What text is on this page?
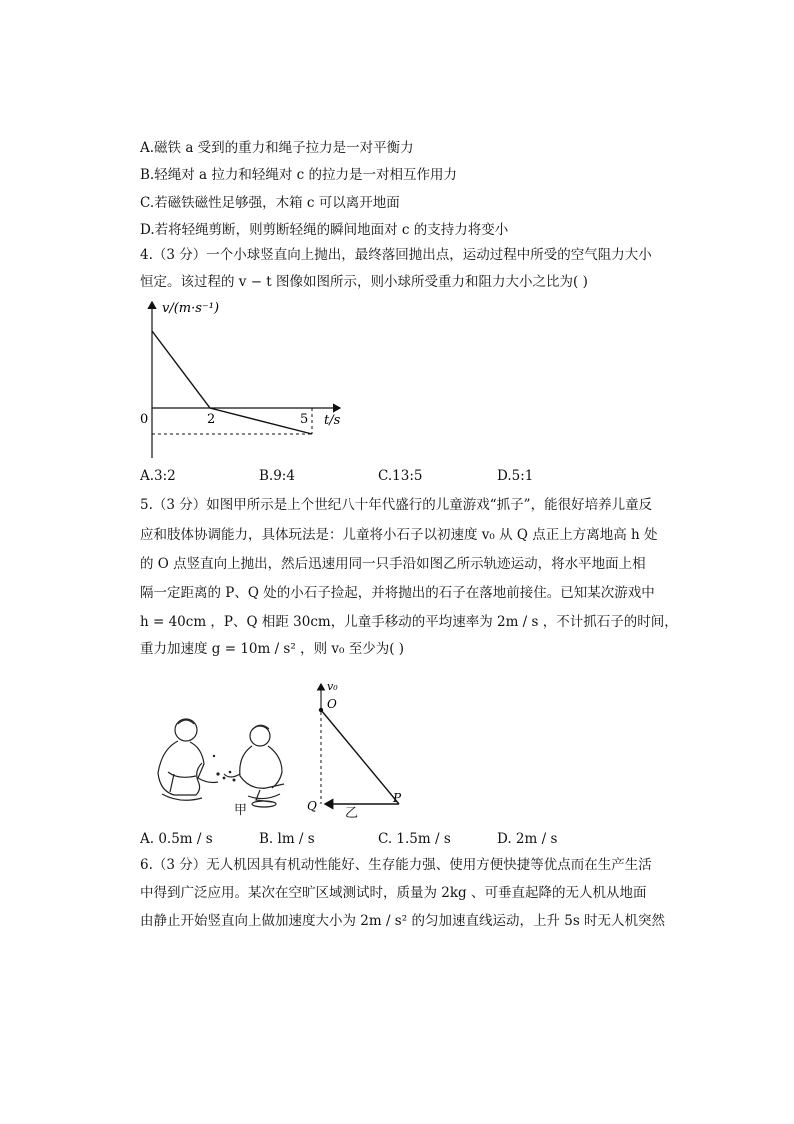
A.磁铁 a 受到的重力和绳子拉力是一对平衡力
B.轻绳对 a 拉力和轻绳对 c 的拉力是一对相互作用力
C.若磁铁磁性足够强，木箱 c 可以离开地面
D.若将轻绳剪断，则剪断轻绳的瞬间地面对 c 的支持力将变小
4.（3 分）一个小球竖直向上抛出，最终落回抛出点，运动过程中所受的空气阻力大小
恒定。该过程的 v − t 图像如图所示，则小球所受重力和阻力大小之比为( )
v/(m·s⁻¹)
t/s
0	2	5
A.3:2	B.9:4	C.13:5	D.5:1
5.（3 分）如图甲所示是上个世纪八十年代盛行的儿童游戏“抓子”，能很好培养儿童反
应和肢体协调能力，具体玩法是：儿童将小石子以初速度 v₀ 从 Q 点正上方离地高 h 处
的 O 点竖直向上抛出，然后迅速用同一只手沿如图乙所示轨迹运动，将水平地面上相
隔一定距离的 P、Q 处的小石子捡起，并将抛出的石子在落地前接住。已知某次游戏中
h = 40cm ，P、Q 相距 30cm，儿童手移动的平均速率为 2m / s ，不计抓石子的时间，
重力加速度 g = 10m / s² ，则 v₀ 至少为( )
甲
v₀
O
Q
P
乙
A. 0.5m / s	B. lm / s	C. 1.5m / s	D. 2m / s
6.（3 分）无人机因具有机动性能好、生存能力强、使用方便快捷等优点而在生产生活
中得到广泛应用。某次在空旷区域测试时，质量为 2kg 、可垂直起降的无人机从地面
由静止开始竖直向上做加速度大小为 2m / s² 的匀加速直线运动，上升 5s 时无人机突然
